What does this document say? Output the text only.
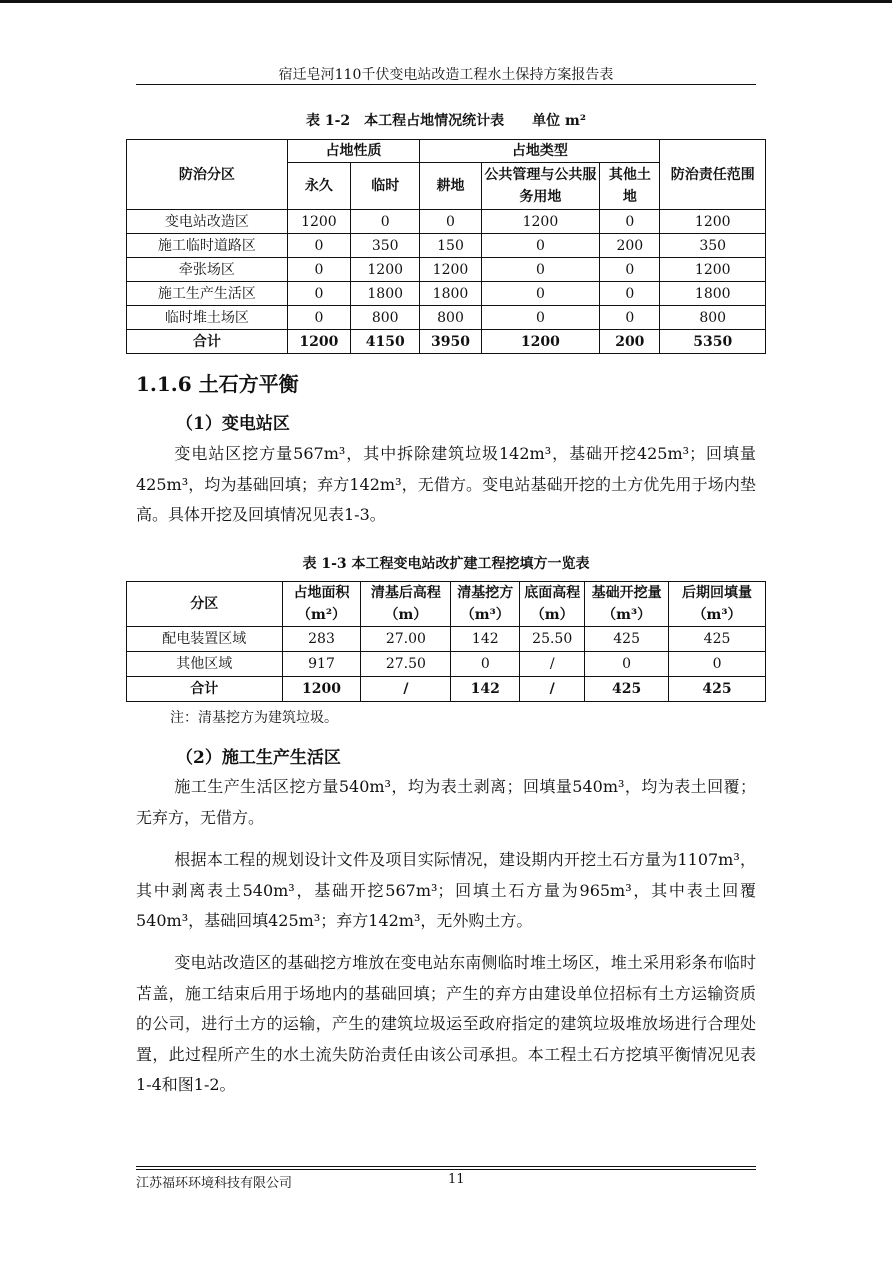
宿迁皂河110千伏变电站改造工程水土保持方案报告表
表 1-2　本工程占地情况统计表　　单位 m²
防治分区	占地性质		占地类型			防治责任范围
	永久	临时	耕地	公共管理与公共服务用地	其他土地	
变电站改造区	1200	0	0	1200	0	1200
施工临时道路区	0	350	150	0	200	350
牵张场区	0	1200	1200	0	0	1200
施工生产生活区	0	1800	1800	0	0	1800
临时堆土场区	0	800	800	0	0	800
合计	1200	4150	3950	1200	200	5350
1.1.6 土石方平衡
（1）变电站区

变电站区挖方量567m³，其中拆除建筑垃圾142m³，基础开挖425m³；回填量425m³，均为基础回填；弃方142m³，无借方。变电站基础开挖的土方优先用于场内垫高。具体开挖及回填情况见表1-3。

表 1-3 本工程变电站改扩建工程挖填方一览表
分区	占地面积（m²）	清基后高程（m）	清基挖方（m³）	底面高程（m）	基础开挖量（m³）	后期回填量（m³）
配电装置区域	283	27.00	142	25.50	425	425
其他区域	917	27.50	0	/	0	0
合计	1200	/	142	/	425	425
注：清基挖方为建筑垃圾。
（2）施工生产生活区

施工生产生活区挖方量540m³，均为表土剥离；回填量540m³，均为表土回覆；无弃方，无借方。

根据本工程的规划设计文件及项目实际情况，建设期内开挖土石方量为1107m³，其中剥离表土540m³，基础开挖567m³；回填土石方量为965m³，其中表土回覆540m³，基础回填425m³；弃方142m³，无外购土方。

变电站改造区的基础挖方堆放在变电站东南侧临时堆土场区，堆土采用彩条布临时苫盖，施工结束后用于场地内的基础回填；产生的弃方由建设单位招标有土方运输资质的公司，进行土方的运输，产生的建筑垃圾运至政府指定的建筑垃圾堆放场进行合理处置，此过程所产生的水土流失防治责任由该公司承担。本工程土石方挖填平衡情况见表1-4和图1-2。

江苏福环环境科技有限公司	11
